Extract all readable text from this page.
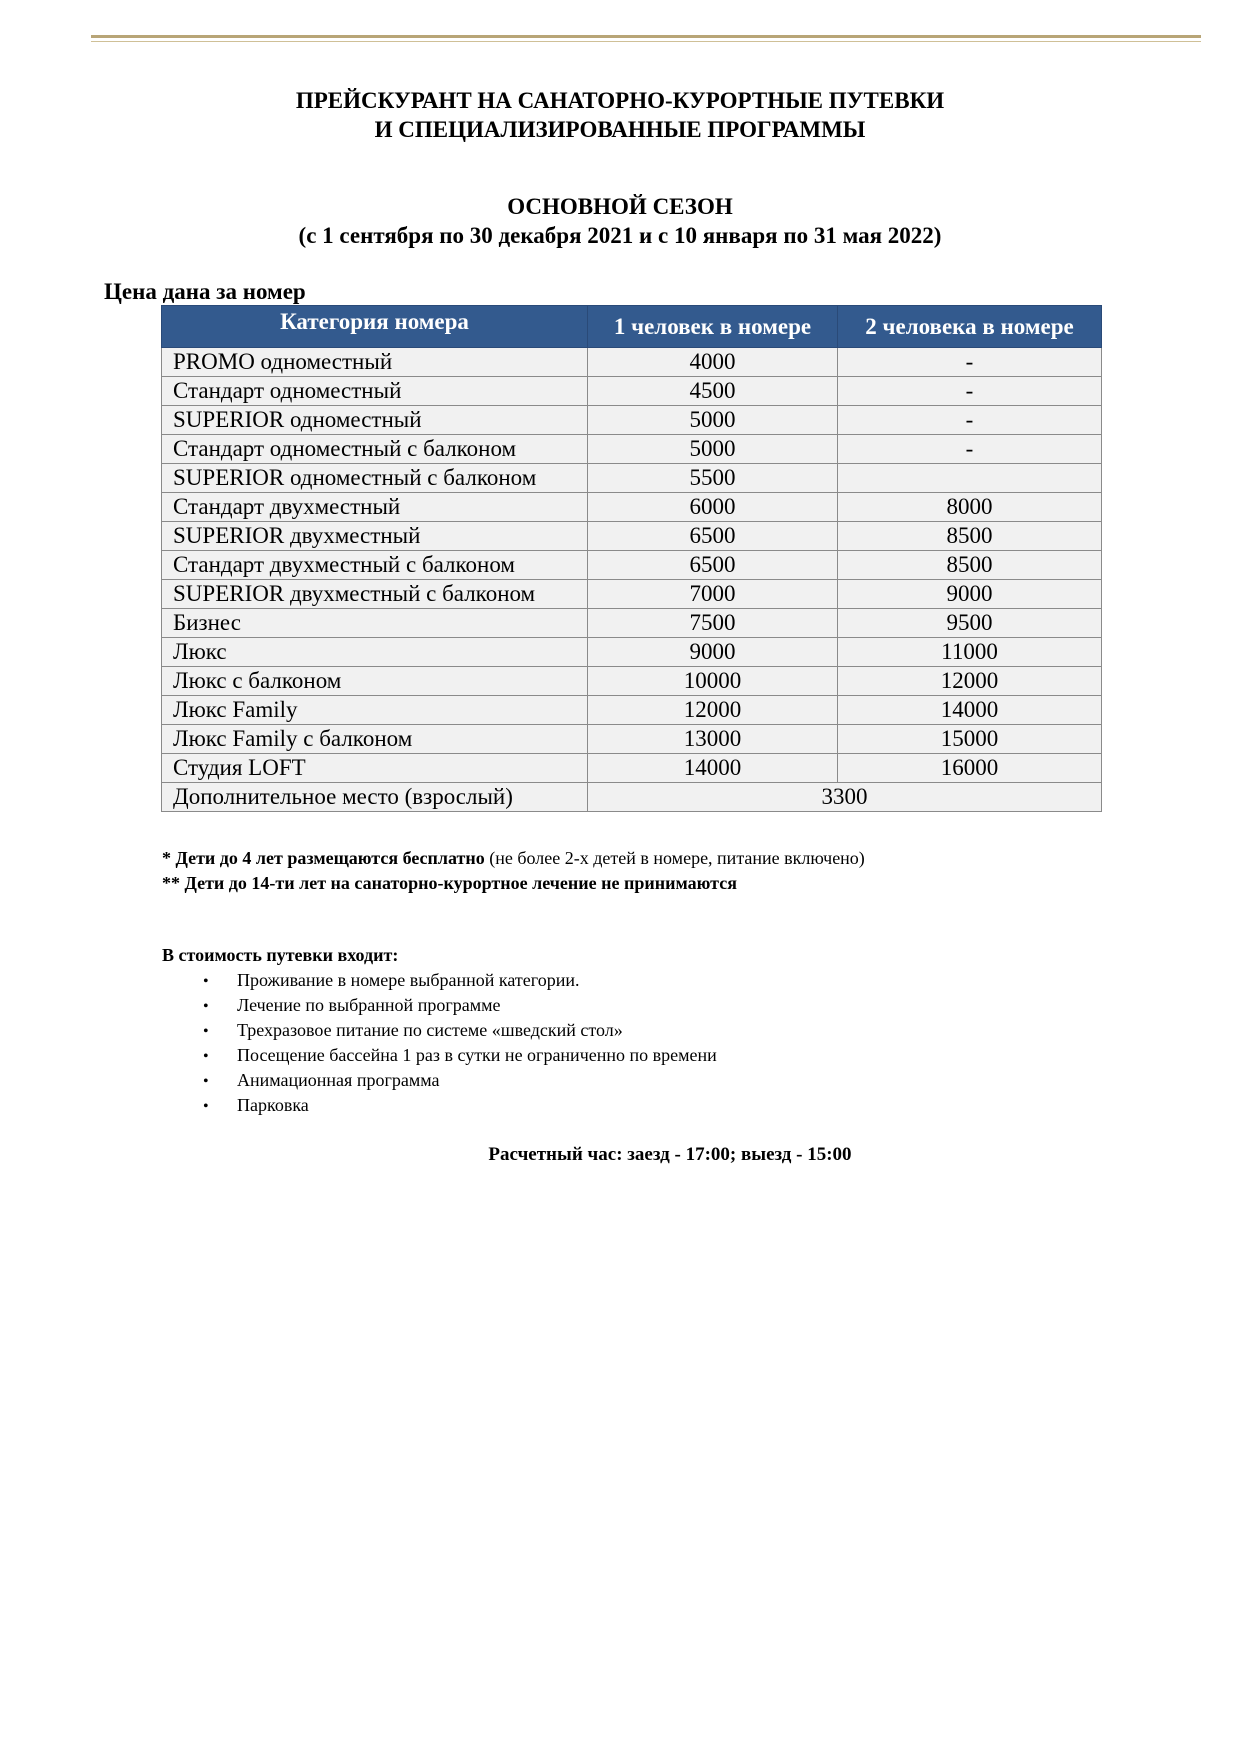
ПРЕЙСКУРАНТ НА САНАТОРНО-КУРОРТНЫЕ ПУТЕВКИ
И СПЕЦИАЛИЗИРОВАННЫЕ ПРОГРАММЫ
ОСНОВНОЙ СЕЗОН
(с 1 сентября по 30 декабря 2021 и с 10 января по 31 мая 2022)
Цена дана за номер
Категория номера	1 человек в номере	2 человека в номере
PROMO одноместный	4000	-
Стандарт одноместный	4500	-
SUPERIOR одноместный	5000	-
Стандарт одноместный с балконом	5000	-
SUPERIOR одноместный с балконом	5500	
Стандарт двухместный	6000	8000
SUPERIOR двухместный	6500	8500
Стандарт двухместный с балконом	6500	8500
SUPERIOR двухместный с балконом	7000	9000
Бизнес	7500	9500
Люкс	9000	11000
Люкс с балконом	10000	12000
Люкс Family	12000	14000
Люкс Family с балконом	13000	15000
Студия LOFT	14000	16000
Дополнительное место (взрослый)	3300	
* Дети до 4 лет размещаются бесплатно (не более 2-х детей в номере, питание включено)
** Дети до 14-ти лет на санаторно-курортное лечение не принимаются
В стоимость путевки входит:
• Проживание в номере выбранной категории.
• Лечение по выбранной программе
• Трехразовое питание по системе «шведский стол»
• Посещение бассейна 1 раз в сутки не ограниченно по времени
• Анимационная программа
• Парковка
Расчетный час: заезд - 17:00; выезд - 15:00
